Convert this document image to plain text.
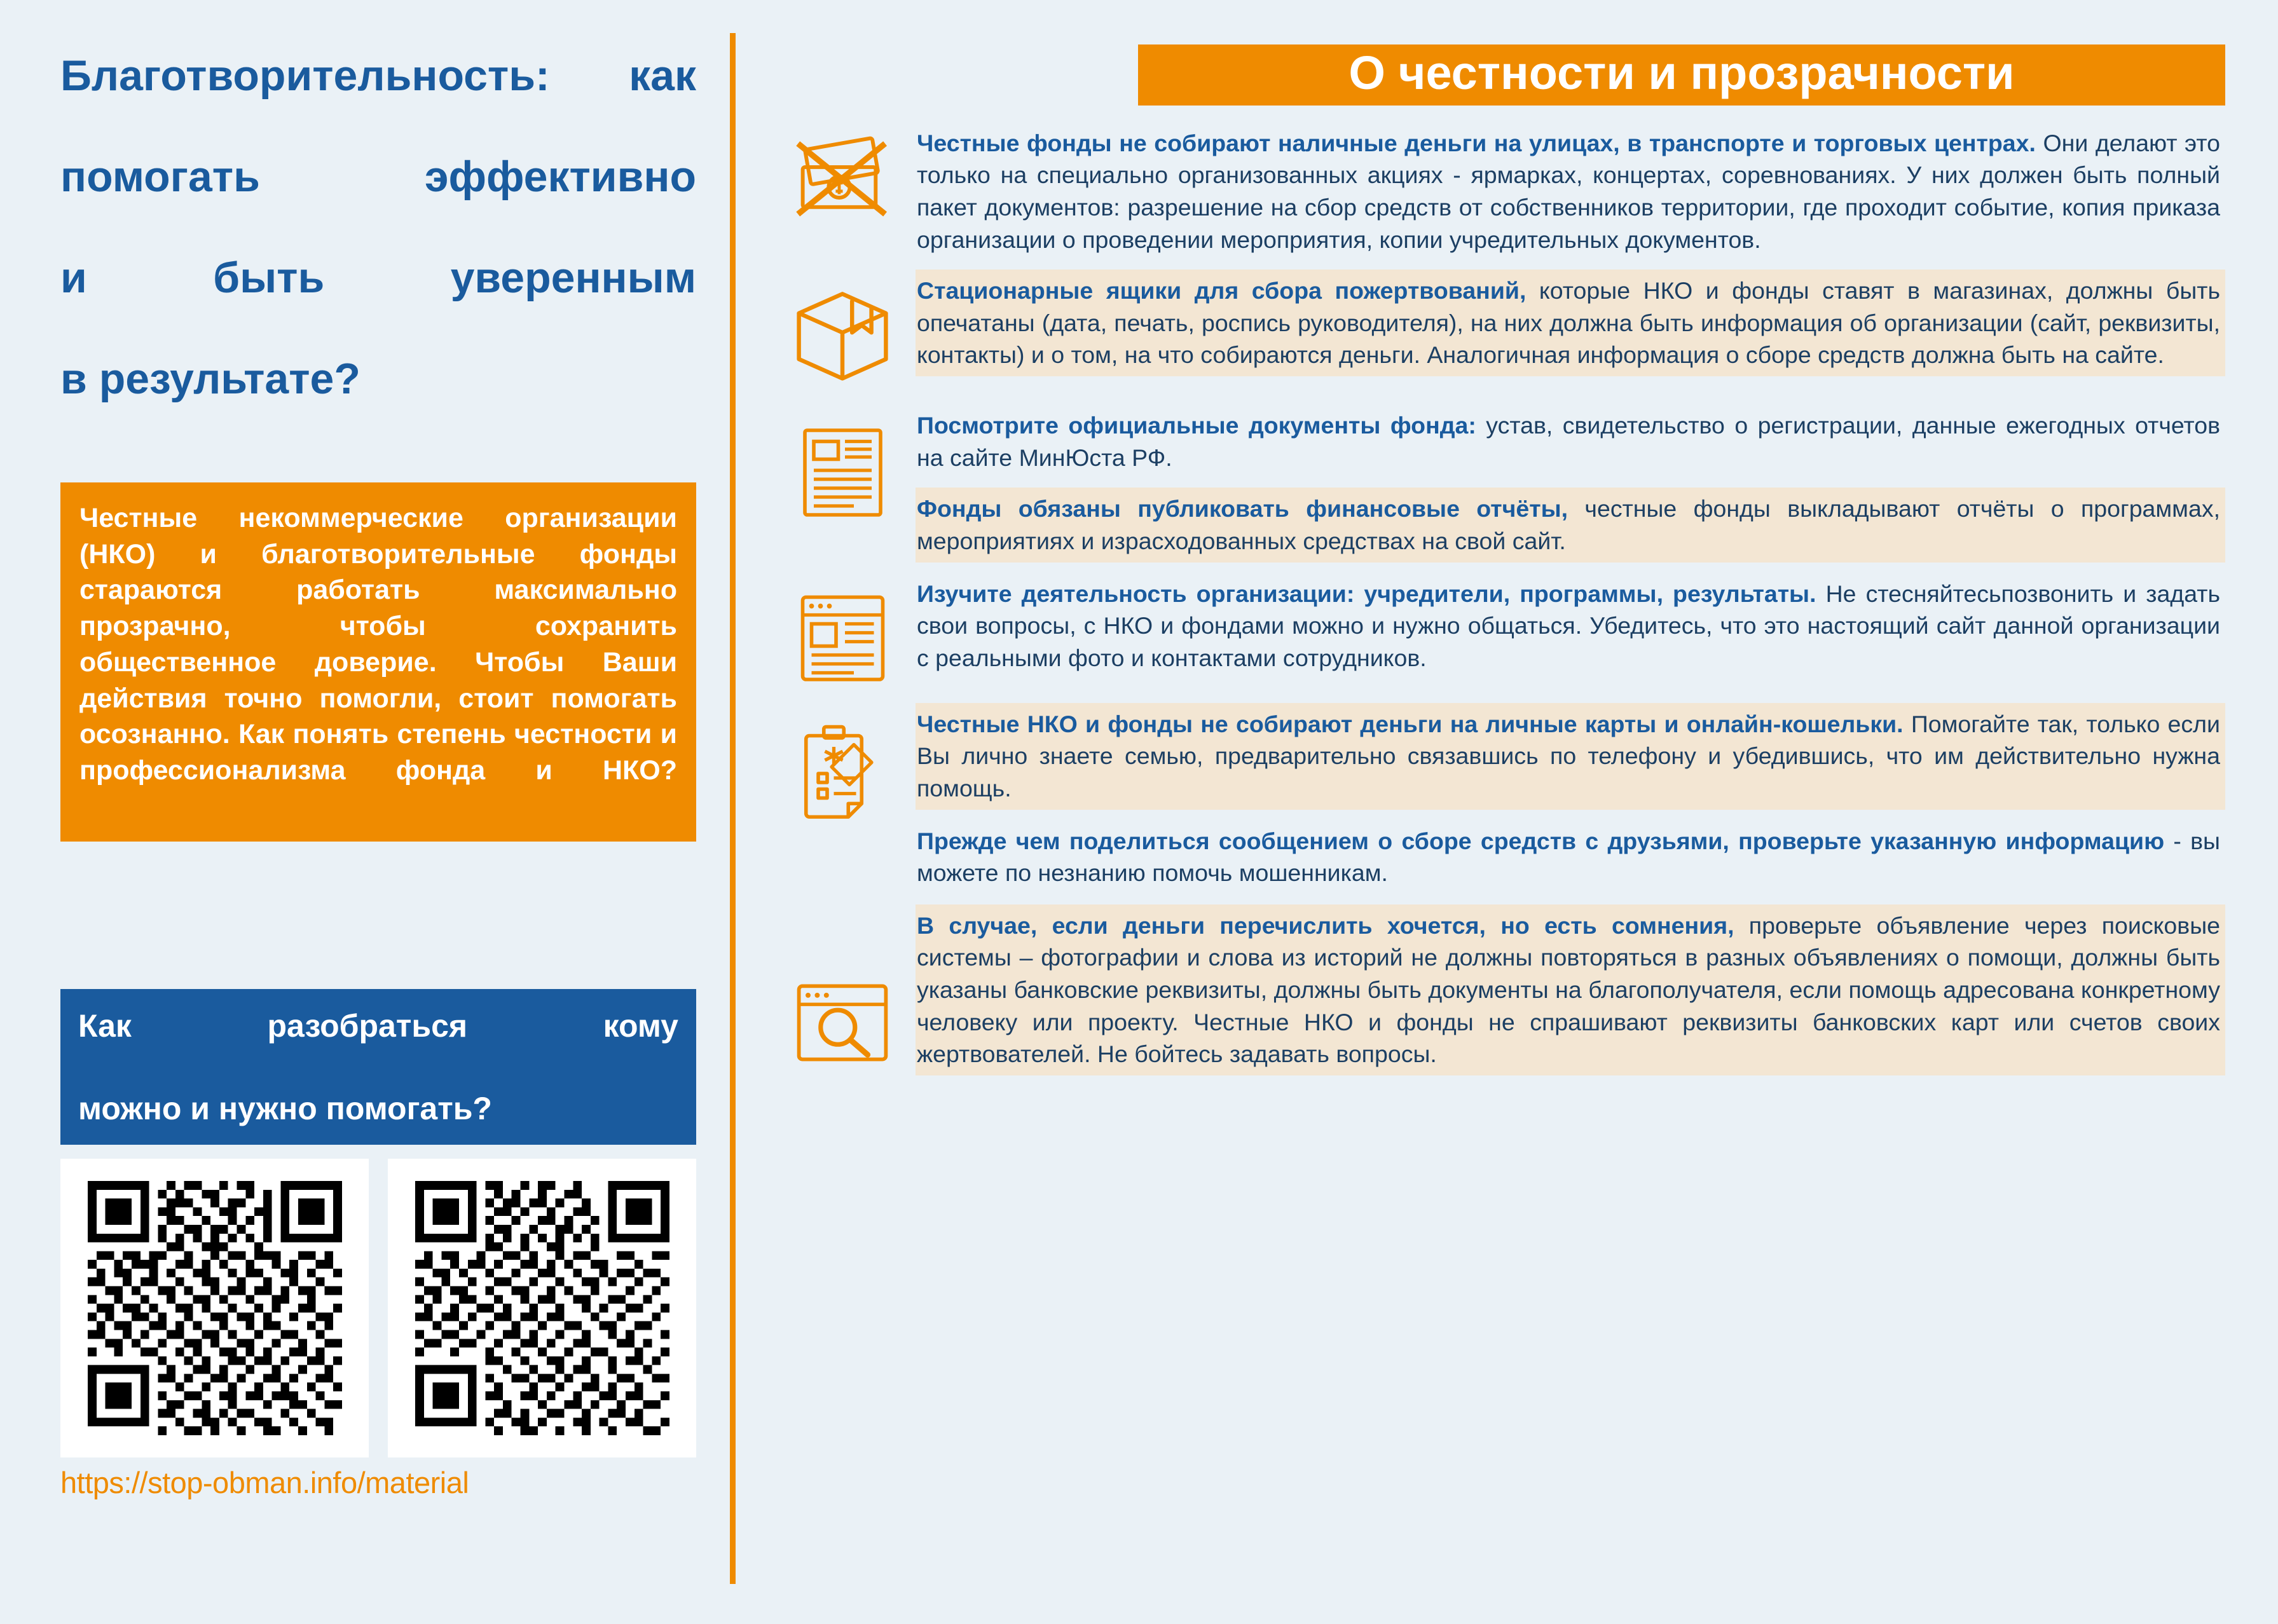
Благотворительность: как
помогать эффективно
и быть уверенным
в результате?

Честные некоммерческие организации (НКО) и благотворительные фонды стараются работать максимально прозрачно, чтобы сохранить общественное доверие. Чтобы Ваши действия точно помогли, стоит помогать осознанно. Как понять степень честности и профессионализма фонда и НКО?

Как разобраться кому

можно и нужно помогать?

https://stop-obman.info/material
О честности и прозрачности

Честные фонды не собирают наличные деньги на улицах, в транспорте и торговых центрах. Они делают это только на специально организованных акциях - ярмарках, концертах, соревнованиях. У них должен быть полный пакет документов: разрешение на сбор средств от собственников территории, где проходит событие, копия приказа организации о проведении мероприятия, копии учредительных документов.

Стационарные ящики для сбора пожертвований, которые НКО и фонды ставят в магазинах, должны быть опечатаны (дата, печать, роспись руководителя), на них должна быть информация об организации (сайт, реквизиты, контакты) и о том, на что собираются деньги. Аналогичная информация о сборе средств должна быть на сайте.

Посмотрите официальные документы фонда: устав, свидетельство о регистрации, данные ежегодных отчетов на сайте МинЮста РФ.

Фонды обязаны публиковать финансовые отчёты, честные фонды выкладывают отчёты о программах, мероприятиях и израсходованных средствах на свой сайт.

Изучите деятельность организации: учредители, программы, результаты. Не стесняйтесьпозвонить и задать свои вопросы, с НКО и фондами можно и нужно общаться. Убедитесь, что это настоящий сайт данной организации с реальными фото и контактами сотрудников.

Честные НКО и фонды не собирают деньги на личные карты и онлайн-кошельки. Помогайте так, только если Вы лично знаете семью, предварительно связавшись по телефону и убедившись, что им действительно нужна помощь.

Прежде чем поделиться сообщением о сборе средств с друзьями, проверьте указанную информацию - вы можете по незнанию помочь мошенникам.

В случае, если деньги перечислить хочется, но есть сомнения, проверьте объявление через поисковые системы – фотографии и слова из историй не должны повторяться в разных объявлениях о помощи, должны быть указаны банковские реквизиты, должны быть документы на благополучателя, если помощь адресована конкретному человеку или проекту. Честные НКО и фонды не спрашивают реквизиты банковских карт или счетов своих жертвователей. Не бойтесь задавать вопросы.
